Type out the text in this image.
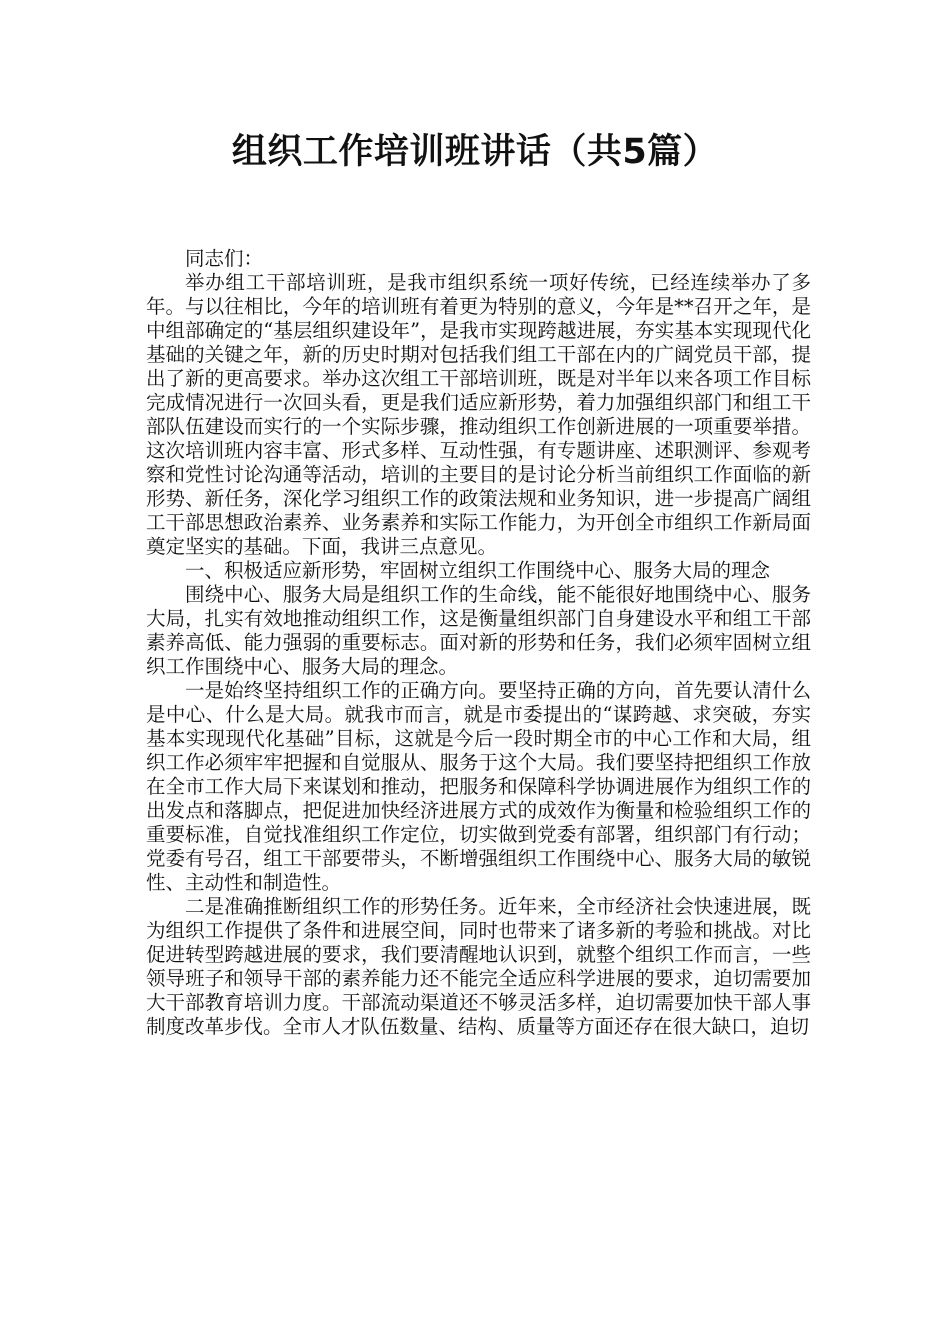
组织工作培训班讲话（共5篇）

同志们：

举办组工干部培训班，是我市组织系统一项好传统，已经连续举办了多年。与以往相比，今年的培训班有着更为特别的意义，今年是**召开之年，是中组部确定的“基层组织建设年”，是我市实现跨越进展，夯实基本实现现代化基础的关键之年，新的历史时期对包括我们组工干部在内的广阔党员干部，提出了新的更高要求。举办这次组工干部培训班，既是对半年以来各项工作目标完成情况进行一次回头看，更是我们适应新形势，着力加强组织部门和组工干部队伍建设而实行的一个实际步骤，推动组织工作创新进展的一项重要举措。这次培训班内容丰富、形式多样、互动性强，有专题讲座、述职测评、参观考察和党性讨论沟通等活动，培训的主要目的是讨论分析当前组织工作面临的新形势、新任务，深化学习组织工作的政策法规和业务知识，进一步提高广阔组工干部思想政治素养、业务素养和实际工作能力，为开创全市组织工作新局面奠定坚实的基础。下面，我讲三点意见。

一、积极适应新形势，牢固树立组织工作围绕中心、服务大局的理念

围绕中心、服务大局是组织工作的生命线，能不能很好地围绕中心、服务大局，扎实有效地推动组织工作，这是衡量组织部门自身建设水平和组工干部素养高低、能力强弱的重要标志。面对新的形势和任务，我们必须牢固树立组织工作围绕中心、服务大局的理念。

一是始终坚持组织工作的正确方向。要坚持正确的方向，首先要认清什么是中心、什么是大局。就我市而言，就是市委提出的“谋跨越、求突破，夯实基本实现现代化基础”目标，这就是今后一段时期全市的中心工作和大局，组织工作必须牢牢把握和自觉服从、服务于这个大局。我们要坚持把组织工作放在全市工作大局下来谋划和推动，把服务和保障科学协调进展作为组织工作的出发点和落脚点，把促进加快经济进展方式的成效作为衡量和检验组织工作的重要标准，自觉找准组织工作定位，切实做到党委有部署，组织部门有行动；党委有号召，组工干部要带头，不断增强组织工作围绕中心、服务大局的敏锐性、主动性和制造性。

二是准确推断组织工作的形势任务。近年来，全市经济社会快速进展，既为组织工作提供了条件和进展空间，同时也带来了诸多新的考验和挑战。对比促进转型跨越进展的要求，我们要清醒地认识到，就整个组织工作而言，一些领导班子和领导干部的素养能力还不能完全适应科学进展的要求，迫切需要加大干部教育培训力度。干部流动渠道还不够灵活多样，迫切需要加快干部人事制度改革步伐。全市人才队伍数量、结构、质量等方面还存在很大缺口，迫切
